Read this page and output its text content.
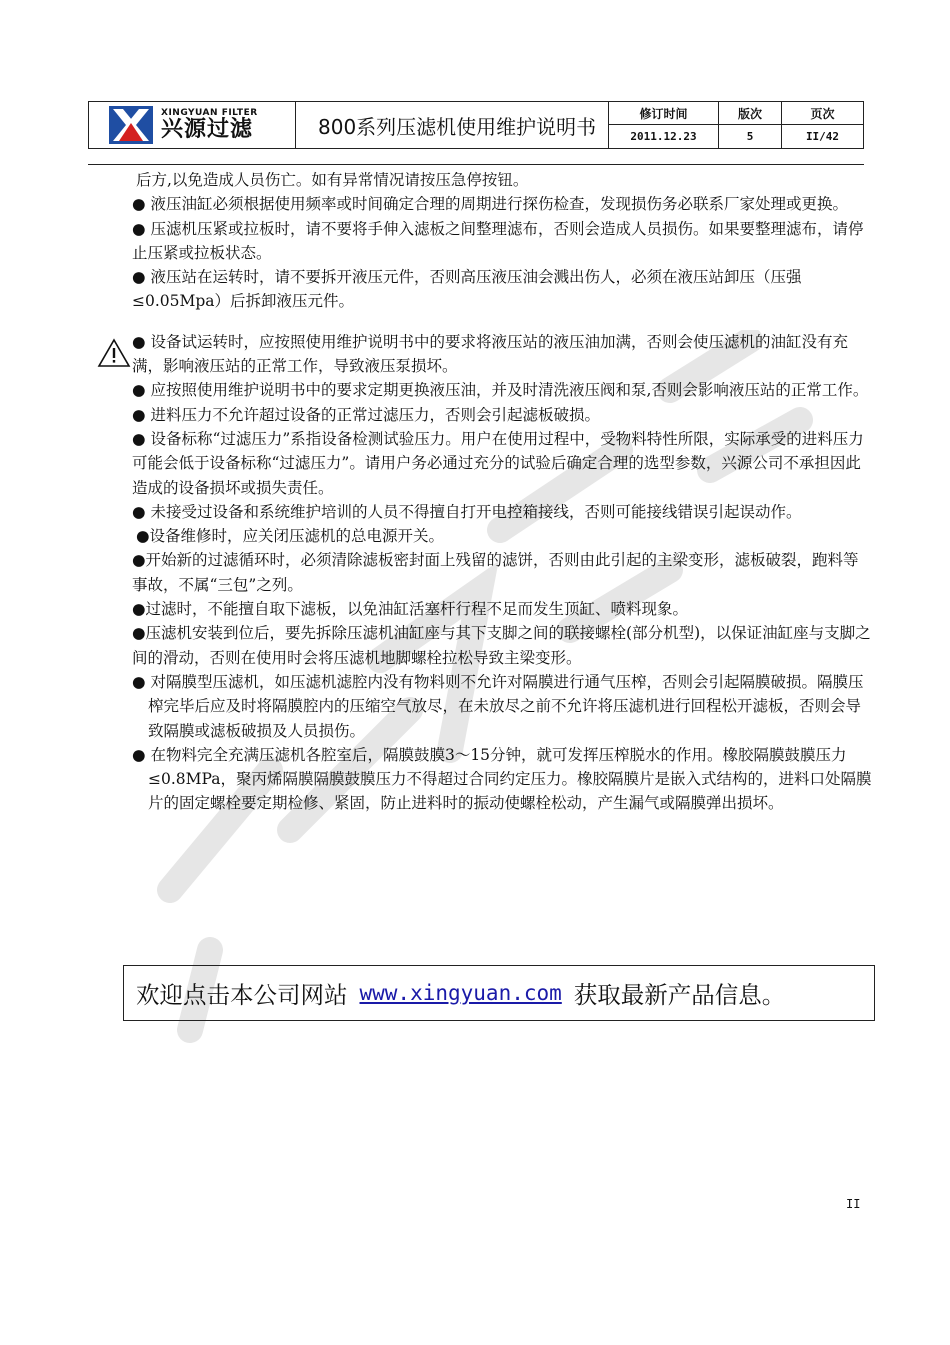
XINGYUAN FILTER
兴源过滤	800系列压滤机使用维护说明书
修订时间	版次	页次
2011.12.23	5	II/42

后方,以免造成人员伤亡。如有异常情况请按压急停按钮。

● 液压油缸必须根据使用频率或时间确定合理的周期进行探伤检查，发现损伤务必联系厂家处理或更换。

● 压滤机压紧或拉板时，请不要将手伸入滤板之间整理滤布，否则会造成人员损伤。如果要整理滤布，请停止压紧或拉板状态。

● 液压站在运转时，请不要拆开液压元件，否则高压液压油会溅出伤人，必须在液压站卸压（压强≤0.05Mpa）后拆卸液压元件。

● 设备试运转时，应按照使用维护说明书中的要求将液压站的液压油加满，否则会使压滤机的油缸没有充满，影响液压站的正常工作，导致液压泵损坏。

● 应按照使用维护说明书中的要求定期更换液压油，并及时清洗液压阀和泵,否则会影响液压站的正常工作。

● 进料压力不允许超过设备的正常过滤压力，否则会引起滤板破损。

● 设备标称“过滤压力”系指设备检测试验压力。用户在使用过程中，受物料特性所限，实际承受的进料压力可能会低于设备标称“过滤压力”。请用户务必通过充分的试验后确定合理的选型参数，兴源公司不承担因此造成的设备损坏或损失责任。

● 未接受过设备和系统维护培训的人员不得擅自打开电控箱接线，否则可能接线错误引起误动作。

●设备维修时，应关闭压滤机的总电源开关。

●开始新的过滤循环时，必须清除滤板密封面上残留的滤饼，否则由此引起的主梁变形，滤板破裂，跑料等事故，不属“三包”之列。

●过滤时，不能擅自取下滤板，以免油缸活塞杆行程不足而发生顶缸、喷料现象。

●压滤机安装到位后，要先拆除压滤机油缸座与其下支脚之间的联接螺栓(部分机型)，以保证油缸座与支脚之间的滑动，否则在使用时会将压滤机地脚螺栓拉松导致主梁变形。

● 对隔膜型压滤机，如压滤机滤腔内没有物料则不允许对隔膜进行通气压榨，否则会引起隔膜破损。隔膜压榨完毕后应及时将隔膜腔内的压缩空气放尽，在未放尽之前不允许将压滤机进行回程松开滤板，否则会导致隔膜或滤板破损及人员损伤。

● 在物料完全充满压滤机各腔室后，隔膜鼓膜3～15分钟，就可发挥压榨脱水的作用。橡胶隔膜鼓膜压力≤0.8MPa，聚丙烯隔膜隔膜鼓膜压力不得超过合同约定压力。橡胶隔膜片是嵌入式结构的，进料口处隔膜片的固定螺栓要定期检修、紧固，防止进料时的振动使螺栓松动，产生漏气或隔膜弹出损坏。

欢迎点击本公司网站 www.xingyuan.com 获取最新产品信息。
II
